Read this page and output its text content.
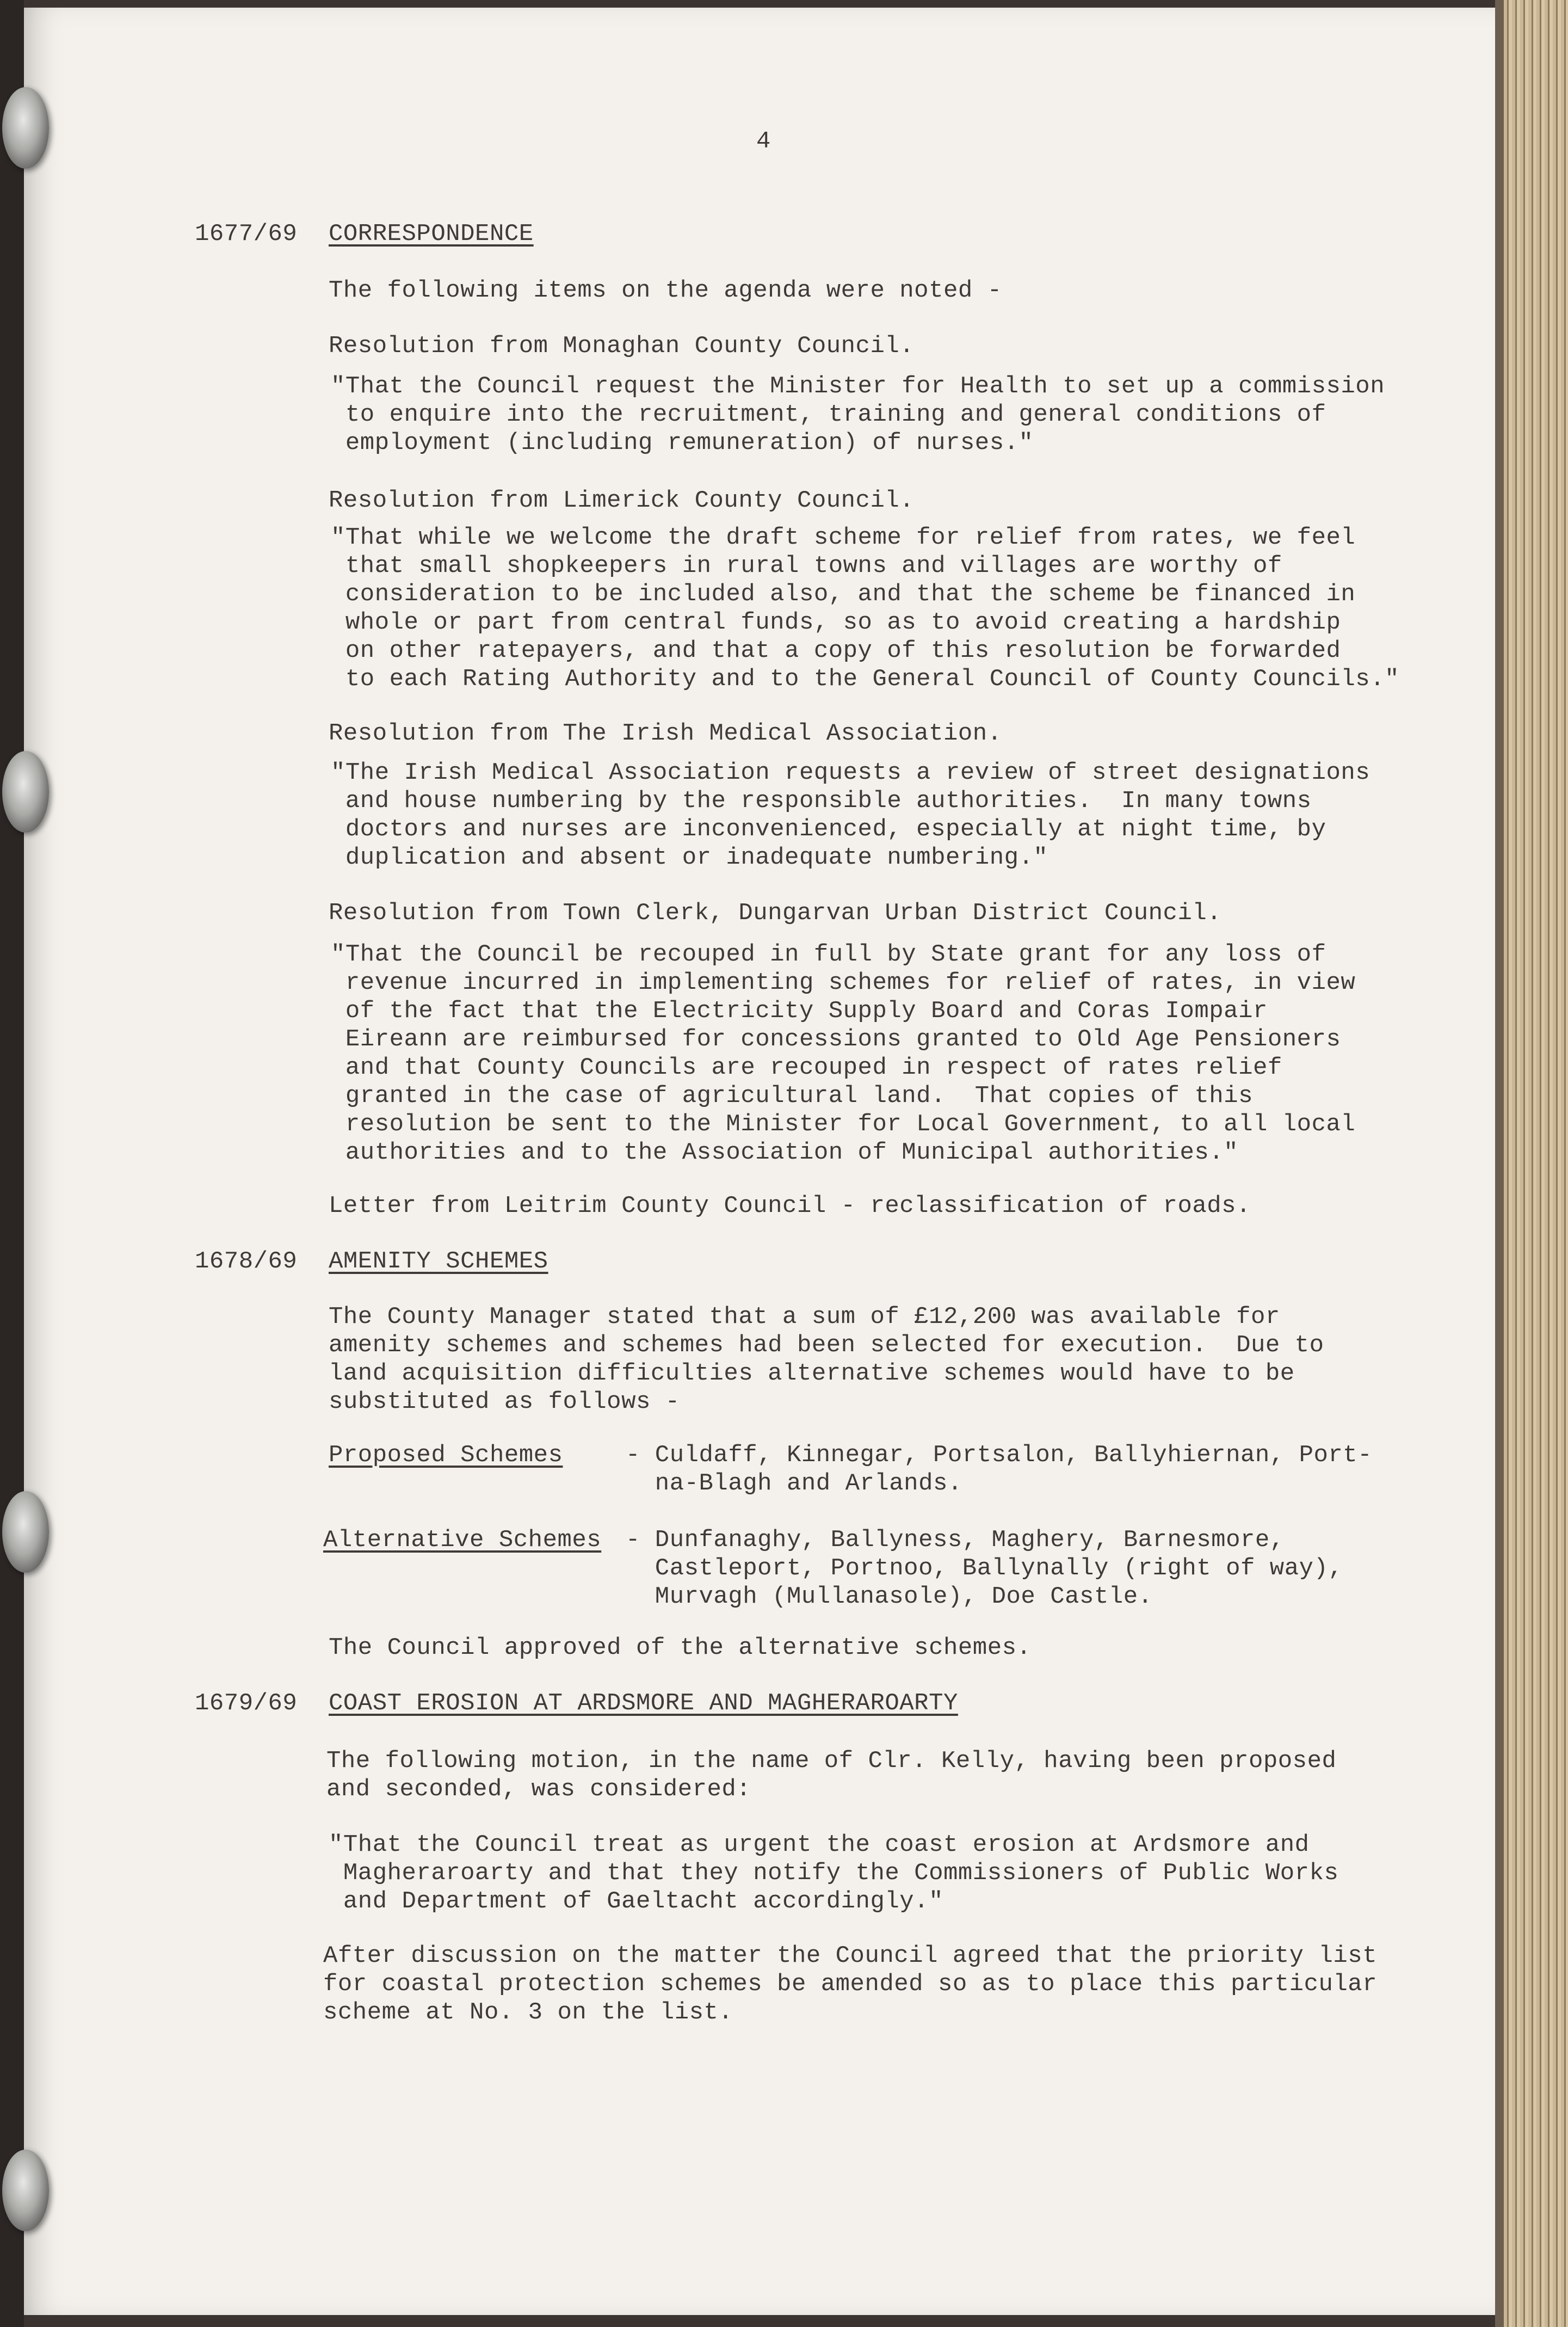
4
1677/69 CORRESPONDENCE
The following items on the agenda were noted -
Resolution from Monaghan County Council.
"That the Council request the Minister for Health to set up a commission
to enquire into the recruitment, training and general conditions of
employment (including remuneration) of nurses."
Resolution from Limerick County Council.
"That while we welcome the draft scheme for relief from rates, we feel
that small shopkeepers in rural towns and villages are worthy of
consideration to be included also, and that the scheme be financed in
whole or part from central funds, so as to avoid creating a hardship
on other ratepayers, and that a copy of this resolution be forwarded
to each Rating Authority and to the General Council of County Councils."
Resolution from The Irish Medical Association.
"The Irish Medical Association requests a review of street designations
and house numbering by the responsible authorities.  In many towns
doctors and nurses are inconvenienced, especially at night time, by
duplication and absent or inadequate numbering."
Resolution from Town Clerk, Dungarvan Urban District Council.
"That the Council be recouped in full by State grant for any loss of
revenue incurred in implementing schemes for relief of rates, in view
of the fact that the Electricity Supply Board and Coras Iompair
Eireann are reimbursed for concessions granted to Old Age Pensioners
and that County Councils are recouped in respect of rates relief
granted in the case of agricultural land.  That copies of this
resolution be sent to the Minister for Local Government, to all local
authorities and to the Association of Municipal authorities."
Letter from Leitrim County Council - reclassification of roads.
1678/69 AMENITY SCHEMES
The County Manager stated that a sum of £12,200 was available for
amenity schemes and schemes had been selected for execution.  Due to
land acquisition difficulties alternative schemes would have to be
substituted as follows -
Proposed Schemes	- Culdaff, Kinnegar, Portsalon, Ballyhiernan, Port-
na-Blagh and Arlands.
Alternative Schemes - Dunfanaghy, Ballyness, Maghery, Barnesmore,
Castleport, Portnoo, Ballynally (right of way),
Murvagh (Mullanasole), Doe Castle.
The Council approved of the alternative schemes.
1679/69 COAST EROSION AT ARDSMORE AND MAGHERAROARTY
The following motion, in the name of Clr. Kelly, having been proposed
and seconded, was considered:
"That the Council treat as urgent the coast erosion at Ardsmore and
Magheraroarty and that they notify the Commissioners of Public Works
and Department of Gaeltacht accordingly."
After discussion on the matter the Council agreed that the priority list
for coastal protection schemes be amended so as to place this particular
scheme at No. 3 on the list.
